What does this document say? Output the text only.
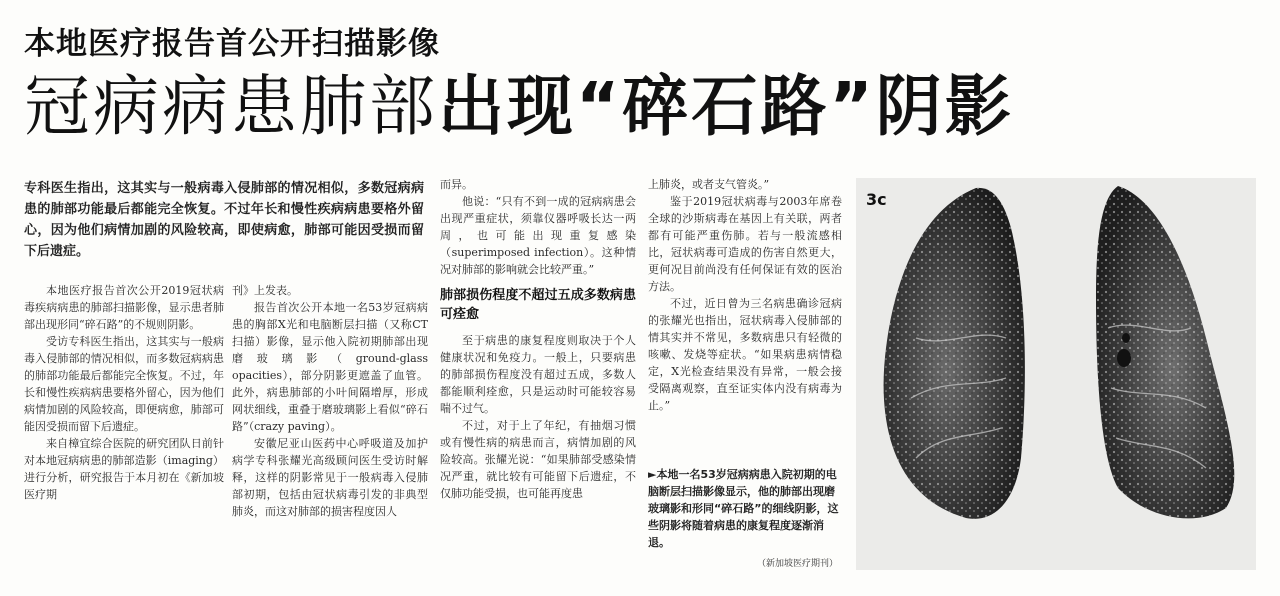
本地医疗报告首公开扫描影像
冠病病患肺部出现“碎石路”阴影

专科医生指出，这其实与一般病毒入侵肺部的情况相似，多数冠病病患的肺部功能最后都能完全恢复。不过年长和慢性疾病病患要格外留心，因为他们病情加剧的风险较高，即使病愈，肺部可能因受损而留下后遗症。

本地医疗报告首次公开2019冠状病毒疾病病患的肺部扫描影像，显示患者肺部出现形同“碎石路”的不规则阴影。

受访专科医生指出，这其实与一般病毒入侵肺部的情况相似，而多数冠病病患的肺部功能最后都能完全恢复。不过，年长和慢性疾病病患要格外留心，因为他们病情加剧的风险较高，即便病愈，肺部可能因受损而留下后遗症。

来自樟宜综合医院的研究团队日前针对本地冠病病患的肺部造影（imaging）进行分析，研究报告于本月初在《新加坡医疗期

刊》上发表。

报告首次公开本地一名53岁冠病病患的胸部X光和电脑断层扫描（又称CT扫描）影像，显示他入院初期肺部出现磨玻璃影（ground-glass opacities），部分阴影更遮盖了血管。此外，病患肺部的小叶间隔增厚，形成网状细线，重叠于磨玻璃影上看似“碎石路”（crazy paving）。

安徽尼亚山医药中心呼吸道及加护病学专科张耀光高级顾问医生受访时解释，这样的阴影常见于一般病毒入侵肺部初期，包括由冠状病毒引发的非典型肺炎，而这对肺部的损害程度因人

而异。

他说：“只有不到一成的冠病病患会出现严重症状，须靠仪器呼吸长达一两周，也可能出现重复感染（superimposed infection）。这种情况对肺部的影响就会比较严重。”

肺部损伤程度不超过五成多数病患可痊愈

至于病患的康复程度则取决于个人健康状况和免疫力。一般上，只要病患的肺部损伤程度没有超过五成，多数人都能顺利痊愈，只是运动时可能较容易喘不过气。

不过，对于上了年纪，有抽烟习惯或有慢性病的病患而言，病情加剧的风险较高。张耀光说：“如果肺部受感染情况严重，就比较有可能留下后遗症，不仅肺功能受损，也可能再度患

上肺炎，或者支气管炎。”

鉴于2019冠状病毒与2003年席卷全球的沙斯病毒在基因上有关联，两者都有可能严重伤肺。若与一般流感相比，冠状病毒可造成的伤害自然更大，更何况目前尚没有任何保证有效的医治方法。

不过，近日曾为三名病患确诊冠病的张耀光也指出，冠状病毒入侵肺部的情其实并不常见，多数病患只有轻微的咳嗽、发烧等症状。“如果病患病情稳定，X光检查结果没有异常，一般会接受隔离观察，直至证实体内没有病毒为止。”

►本地一名53岁冠病病患入院初期的电脑断层扫描影像显示，他的肺部出现磨玻璃影和形同“碎石路”的细线阴影，这些阴影将随着病患的康复程度逐渐消退。

（新加坡医疗期刊）

3c
